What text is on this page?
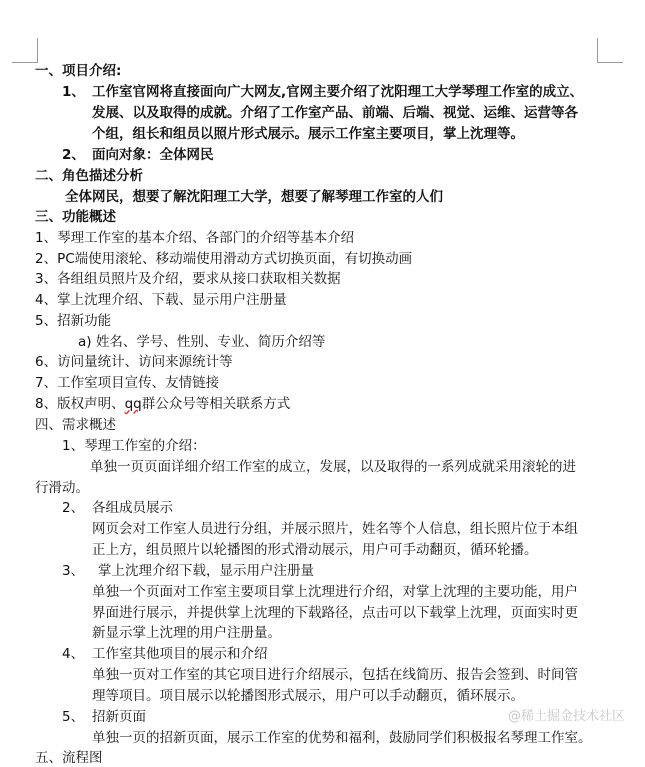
一、项目介绍:
1、 工作室官网将直接面向广大网友,官网主要介绍了沈阳理工大学琴理工作室的成立、
发展、以及取得的成就。介绍了工作室产品、前端、后端、视觉、运维、运营等各
个组，组长和组员以照片形式展示。展示工作室主要项目，掌上沈理等。
2、 面向对象：全体网民
二、角色描述分析
全体网民，想要了解沈阳理工大学，想要了解琴理工作室的人们
三、功能概述
1、琴理工作室的基本介绍、各部门的介绍等基本介绍
2、PC端使用滚轮、移动端使用滑动方式切换页面，有切换动画
3、各组组员照片及介绍，要求从接口获取相关数据
4、掌上沈理介绍、下载、显示用户注册量
5、招新功能
a) 姓名、学号、性别、专业、简历介绍等
6、访问量统计、访问来源统计等
7、工作室项目宣传、友情链接
8、版权声明、qq群公众号等相关联系方式
四、需求概述
1、琴理工作室的介绍：
单独一页页面详细介绍工作室的成立，发展，以及取得的一系列成就采用滚轮的进
行滑动。
2、 各组成员展示
网页会对工作室人员进行分组，并展示照片，姓名等个人信息，组长照片位于本组
正上方，组员照片以轮播图的形式滑动展示，用户可手动翻页，循环轮播。
3、 掌上沈理介绍下载，显示用户注册量
单独一个页面对工作室主要项目掌上沈理进行介绍，对掌上沈理的主要功能，用户
界面进行展示，并提供掌上沈理的下载路径，点击可以下载掌上沈理，页面实时更
新显示掌上沈理的用户注册量。
4、 工作室其他项目的展示和介绍
单独一页对工作室的其它项目进行介绍展示，包括在线简历、报告会签到、时间管
理等项目。项目展示以轮播图形式展示，用户可以手动翻页，循环展示。
5、 招新页面
单独一页的招新页面，展示工作室的优势和福利，鼓励同学们积极报名琴理工作室。
五、流程图
@稀土掘金技术社区
